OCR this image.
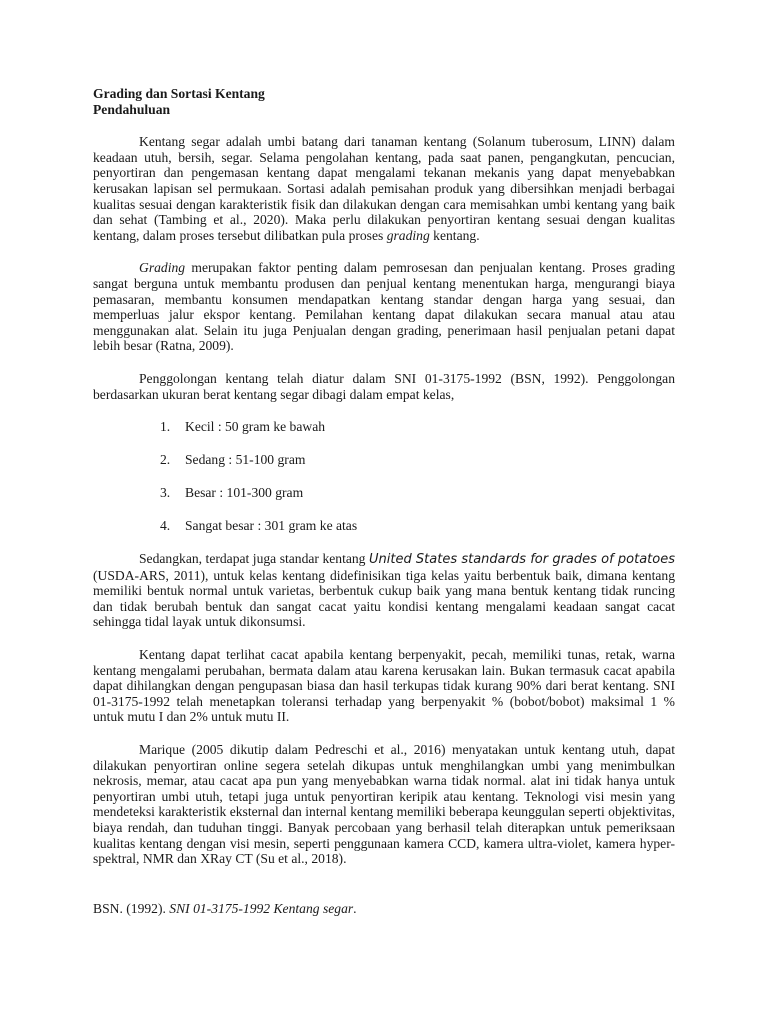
Grading dan Sortasi Kentang
Pendahuluan

Kentang segar adalah umbi batang dari tanaman kentang (Solanum tuberosum, LINN) dalam keadaan utuh, bersih, segar. Selama pengolahan kentang, pada saat panen, pengangkutan, pencucian, penyortiran dan pengemasan kentang dapat mengalami tekanan mekanis yang dapat menyebabkan kerusakan lapisan sel permukaan. Sortasi adalah pemisahan produk yang dibersihkan menjadi berbagai kualitas sesuai dengan karakteristik fisik dan dilakukan dengan cara memisahkan umbi kentang yang baik dan sehat (Tambing et al., 2020). Maka perlu dilakukan penyortiran kentang sesuai dengan kualitas kentang, dalam proses tersebut dilibatkan pula proses grading kentang.

Grading merupakan faktor penting dalam pemrosesan dan penjualan kentang. Proses grading sangat berguna untuk membantu produsen dan penjual kentang menentukan harga, mengurangi biaya pemasaran, membantu konsumen mendapatkan kentang standar dengan harga yang sesuai, dan memperluas jalur ekspor kentang. Pemilahan kentang dapat dilakukan secara manual atau atau menggunakan alat. Selain itu juga Penjualan dengan grading, penerimaan hasil penjualan petani dapat lebih besar (Ratna, 2009).

Penggolongan kentang telah diatur dalam SNI 01-3175-1992 (BSN, 1992). Penggolongan berdasarkan ukuran berat kentang segar dibagi dalam empat kelas,

1. Kecil : 50 gram ke bawah
2. Sedang : 51-100 gram
3. Besar : 101-300 gram
4. Sangat besar : 301 gram ke atas

Sedangkan, terdapat juga standar kentang United States standards for grades of potatoes (USDA-ARS, 2011), untuk kelas kentang didefinisikan tiga kelas yaitu berbentuk baik, dimana kentang memiliki bentuk normal untuk varietas, berbentuk cukup baik yang mana bentuk kentang tidak runcing dan tidak berubah bentuk dan sangat cacat yaitu kondisi kentang mengalami keadaan sangat cacat sehingga tidal layak untuk dikonsumsi.

Kentang dapat terlihat cacat apabila kentang berpenyakit, pecah, memiliki tunas, retak, warna kentang mengalami perubahan, bermata dalam atau karena kerusakan lain. Bukan termasuk cacat apabila dapat dihilangkan dengan pengupasan biasa dan hasil terkupas tidak kurang 90% dari berat kentang. SNI 01-3175-1992 telah menetapkan toleransi terhadap yang berpenyakit % (bobot/bobot) maksimal 1 % untuk mutu I dan 2% untuk mutu II.

Marique (2005 dikutip dalam Pedreschi et al., 2016) menyatakan untuk kentang utuh, dapat dilakukan penyortiran online segera setelah dikupas untuk menghilangkan umbi yang menimbulkan nekrosis, memar, atau cacat apa pun yang menyebabkan warna tidak normal. alat ini tidak hanya untuk penyortiran umbi utuh, tetapi juga untuk penyortiran keripik atau kentang. Teknologi visi mesin yang mendeteksi karakteristik eksternal dan internal kentang memiliki beberapa keunggulan seperti objektivitas, biaya rendah, dan tuduhan tinggi. Banyak percobaan yang berhasil telah diterapkan untuk pemeriksaan kualitas kentang dengan visi mesin, seperti penggunaan kamera CCD, kamera ultra-violet, kamera hyper-spektral, NMR dan XRay CT (Su et al., 2018).

BSN. (1992). SNI 01-3175-1992 Kentang segar.
